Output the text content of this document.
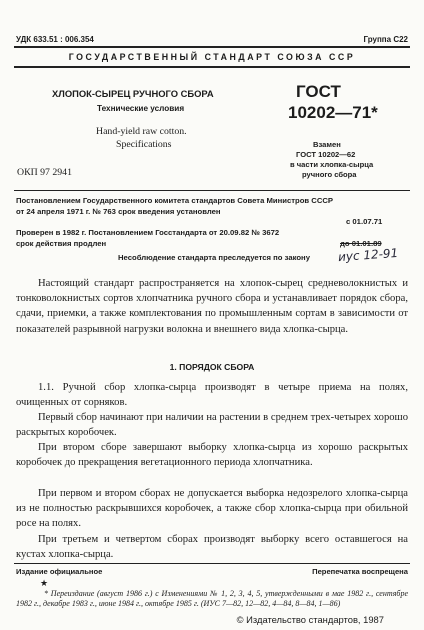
УДК 633.51 : 006.354	Группа С22
ГОСУДАРСТВЕННЫЙ СТАНДАРТ СОЮЗА ССР
ХЛОПОК-СЫРЕЦ РУЧНОГО СБОРА
Технические условия
Hand-yield raw cotton.
Specifications
ОКП 97 2941
ГОСТ
10202—71*
Взамен
ГОСТ 10202—62
в части хлопка-сырца
ручного сбора
Постановлением Государственного комитета стандартов Совета Министров СССР
от 24 апреля 1971 г. № 763 срок введения установлен
с 01.07.71
Проверен в 1982 г. Постановлением Госстандарта от 20.09.82 № 3672
срок действия продлен	до 01.01.89
Несоблюдение стандарта преследуется по закону иус 12-91
Настоящий стандарт распространяется на хлопок-сырец средневолокнистых и тонковолокнистых сортов хлопчатника ручного сбора и устанавливает порядок сбора, сдачи, приемки, а также комплектования по промышленным сортам в зависимости от показателей разрывной нагрузки волокна и внешнего вида хлопка-сырца.
1. ПОРЯДОК СБОРА
1.1. Ручной сбор хлопка-сырца производят в четыре приема на полях, очищенных от сорняков.
Первый сбор начинают при наличии на растении в среднем трех-четырех хорошо раскрытых коробочек.
При втором сборе завершают выборку хлопка-сырца из хорошо раскрытых коробочек до прекращения вегетационного периода хлопчатника.
При первом и втором сборах не допускается выборка недозрелого хлопка-сырца из не полностью раскрывшихся коробочек, а также сбор хлопка-сырца при обильной росе на полях.
При третьем и четвертом сборах производят выборку всего оставшегося на кустах хлопка-сырца.
Издание официальное	Перепечатка воспрещена
★
* Переиздание (август 1986 г.) с Изменениями № 1, 2, 3, 4, 5, утвержденными в мае 1982 г., сентябре 1982 г., декабре 1983 г., июне 1984 г., октябре 1985 г. (ИУС 7—82, 12—82, 4—84, 8—84, 1—86)
© Издательство стандартов, 1987
